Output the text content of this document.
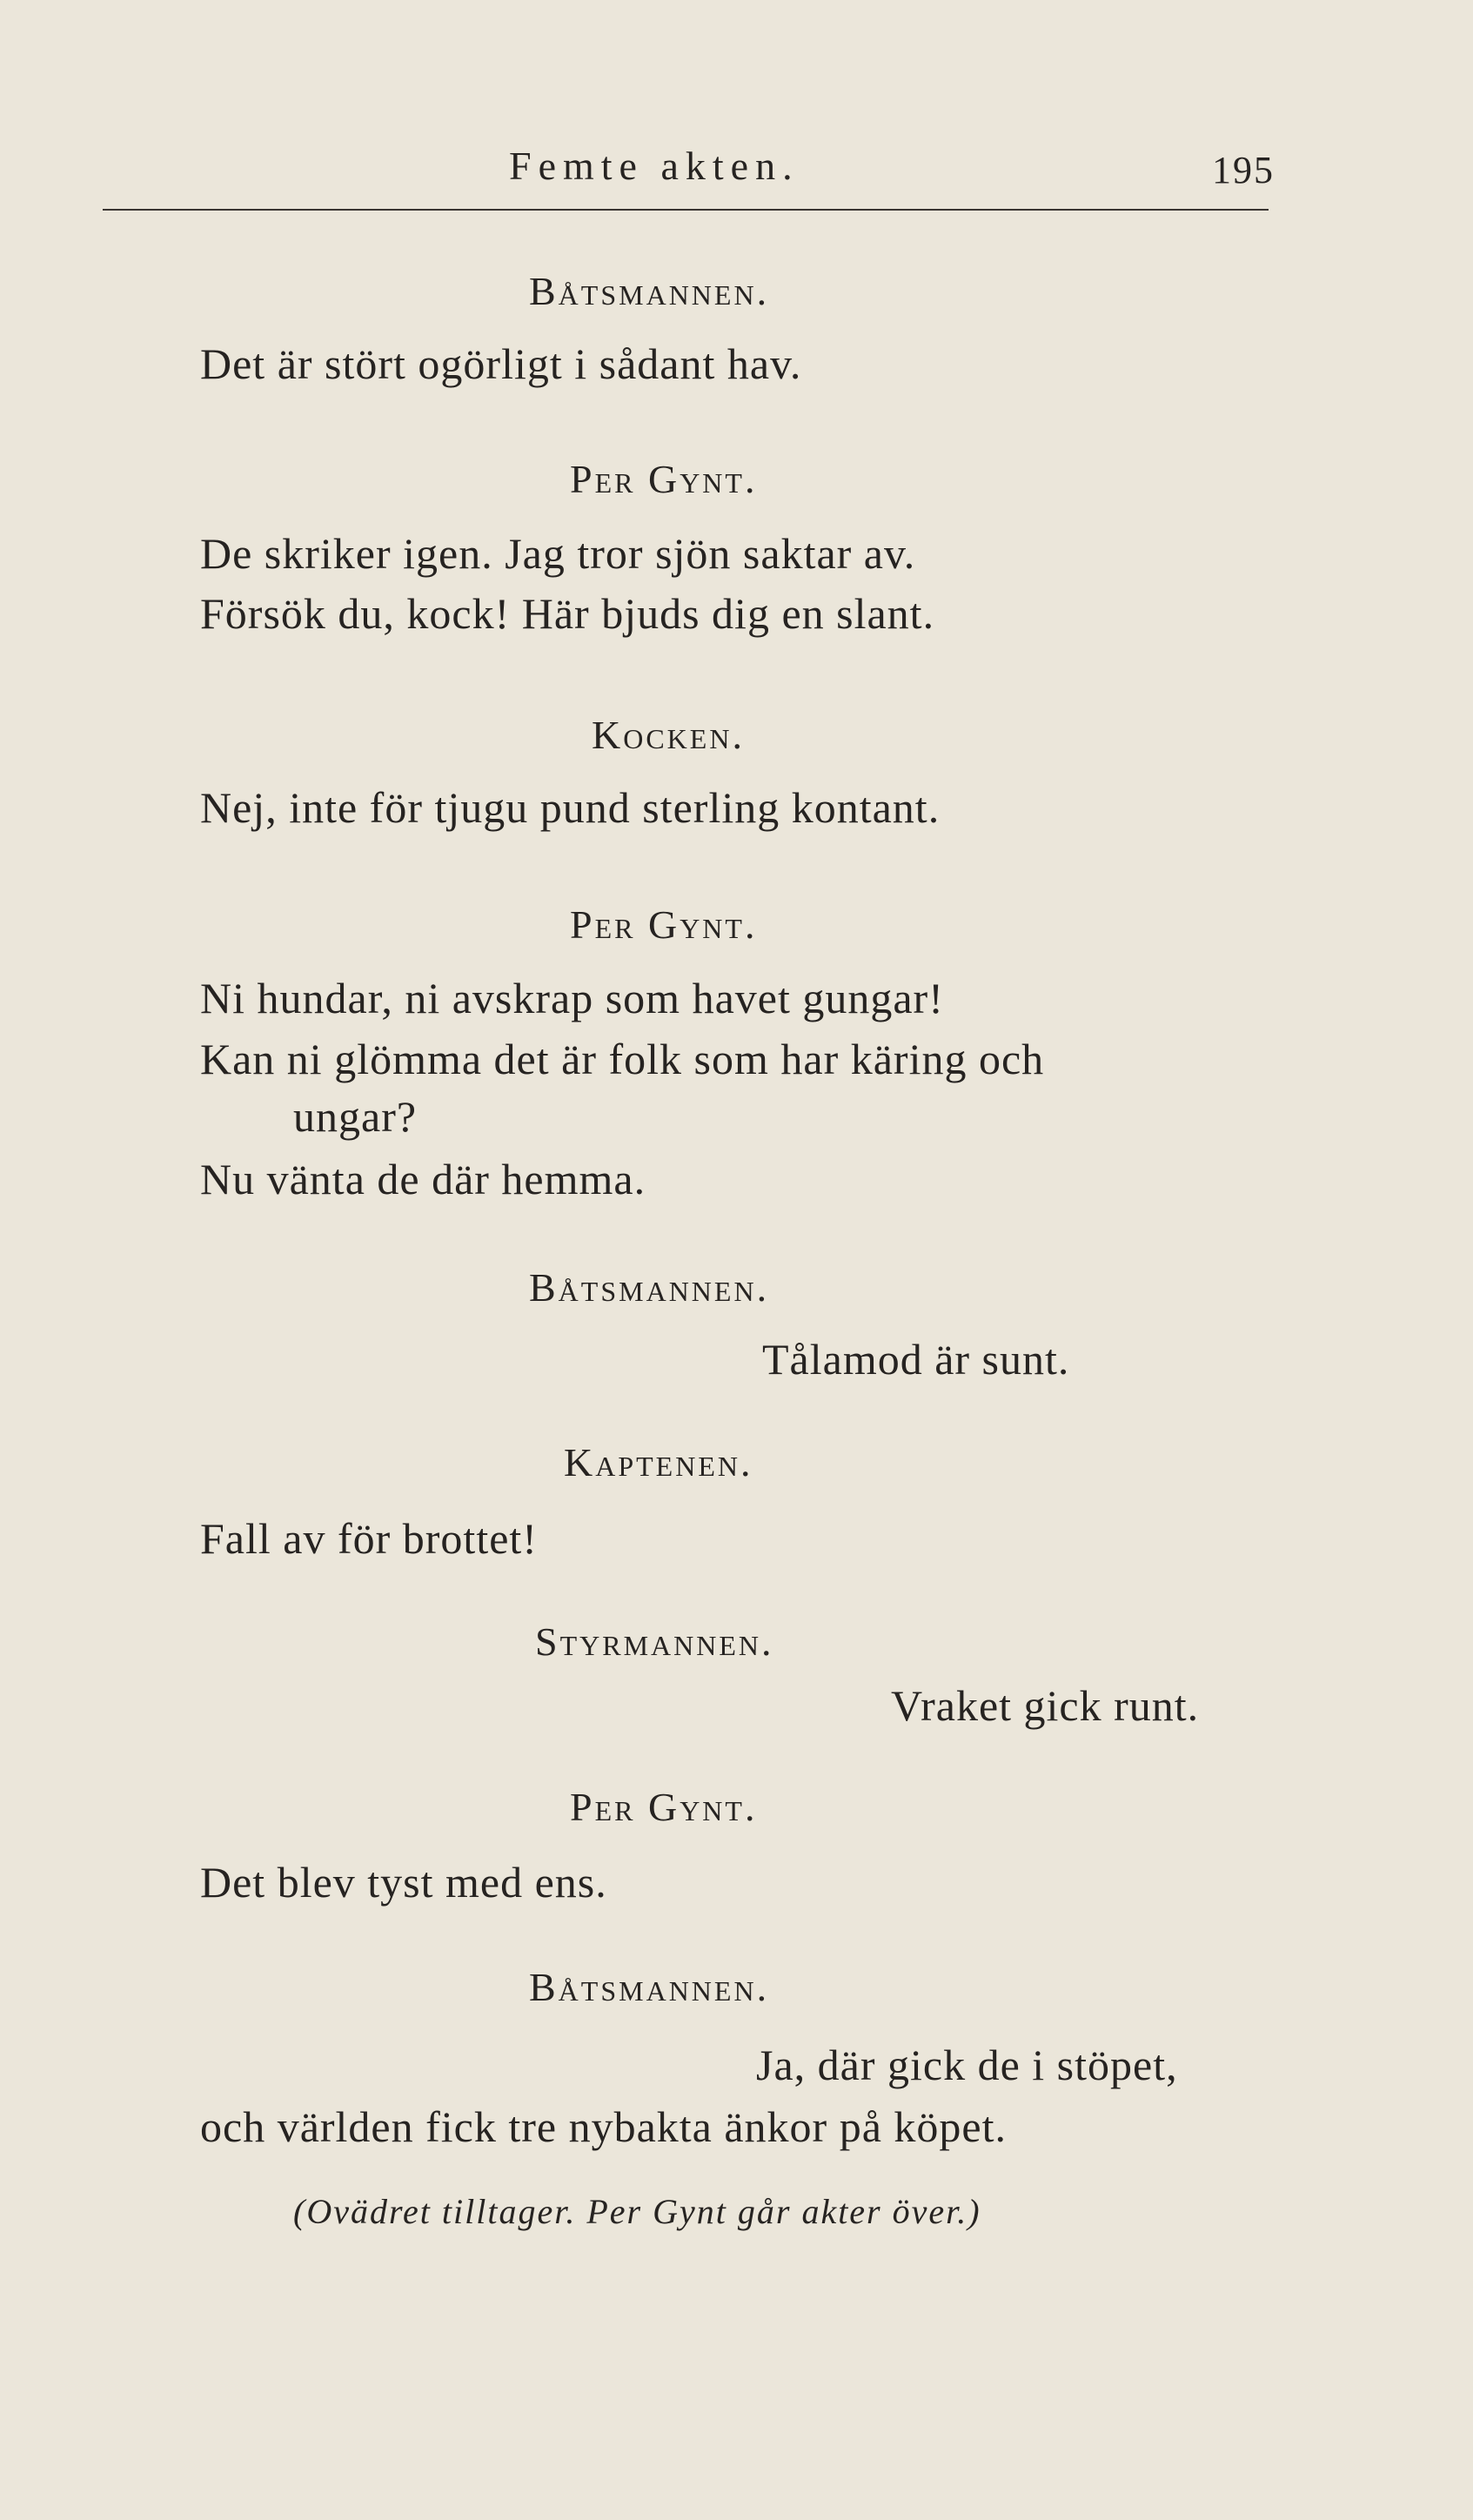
Femte akten.	195
Båtsmannen.
Det är stört ogörligt i sådant hav.
Per Gynt.
De skriker igen. Jag tror sjön saktar av.
Försök du, kock! Här bjuds dig en slant.
Kocken.
Nej, inte för tjugu pund sterling kontant.
Per Gynt.
Ni hundar, ni avskrap som havet gungar!
Kan ni glömma det är folk som har käring och
ungar?
Nu vänta de där hemma.
Båtsmannen.
Tålamod är sunt.
Kaptenen.
Fall av för brottet!
Styrmannen.
Vraket gick runt.
Per Gynt.
Det blev tyst med ens.
Båtsmannen.
Ja, där gick de i stöpet,
och världen fick tre nybakta änkor på köpet.
(Ovädret tilltager. Per Gynt går akter över.)
